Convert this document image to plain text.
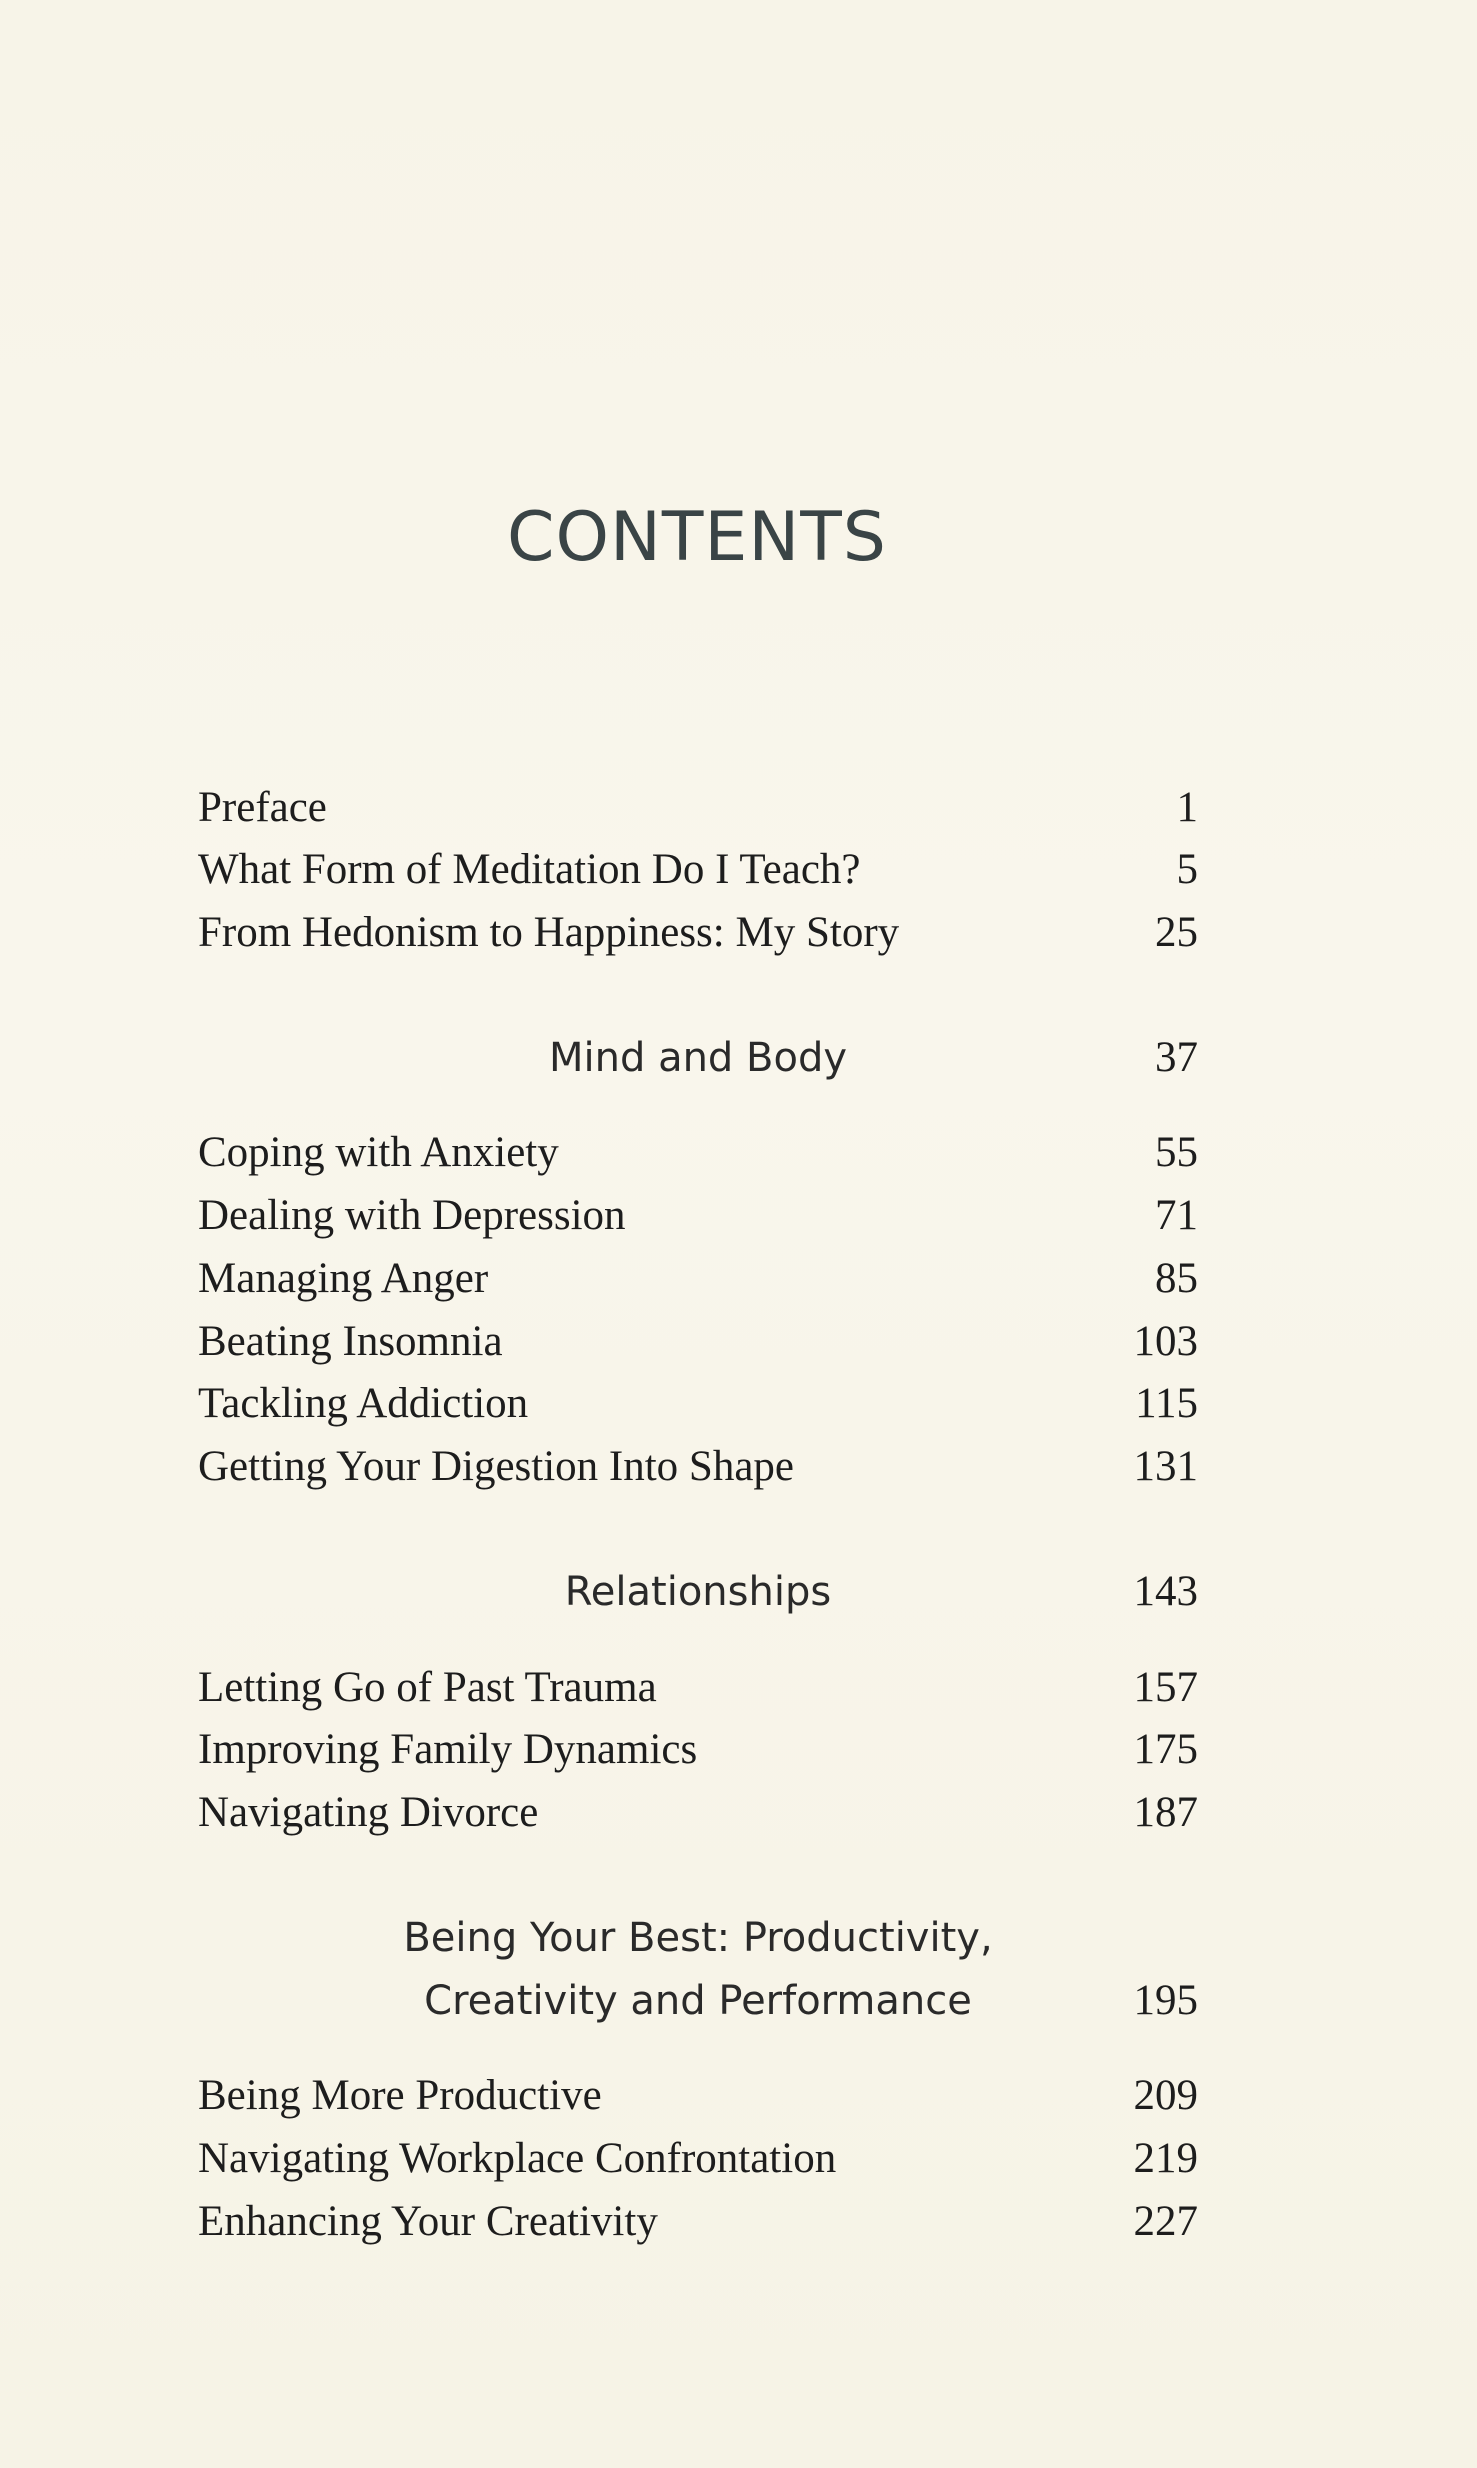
CONTENTS
Preface	1
What Form of Meditation Do I Teach?	5
From Hedonism to Happiness: My Story	25
Mind and Body	37
Coping with Anxiety	55
Dealing with Depression	71
Managing Anger	85
Beating Insomnia	103
Tackling Addiction	115
Getting Your Digestion Into Shape	131
Relationships	143
Letting Go of Past Trauma	157
Improving Family Dynamics	175
Navigating Divorce	187
Being Your Best: Productivity,
Creativity and Performance	195
Being More Productive	209
Navigating Workplace Confrontation	219
Enhancing Your Creativity	227
